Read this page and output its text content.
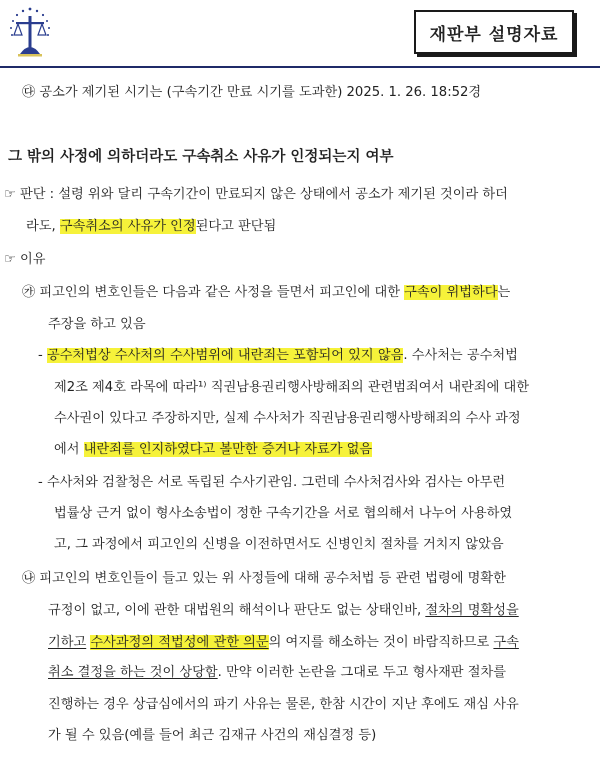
재판부 설명자료
㉰ 공소가 제기된 시기는 (구속기간 만료 시기를 도과한) 2025. 1. 26. 18:52경
그 밖의 사정에 의하더라도 구속취소 사유가 인정되는지 여부
☞ 판단 : 설령 위와 달리 구속기간이 만료되지 않은 상태에서 공소가 제기된 것이라 하더
라도, 구속취소의 사유가 인정된다고 판단됨
☞ 이유
㉮ 피고인의 변호인들은 다음과 같은 사정을 들면서 피고인에 대한 구속이 위법하다는
주장을 하고 있음
- 공수처법상 수사처의 수사범위에 내란죄는 포함되어 있지 않음. 수사처는 공수처법
제2조 제4호 라목에 따라¹⁾ 직권남용권리행사방해죄의 관련범죄여서 내란죄에 대한
수사권이 있다고 주장하지만, 실제 수사처가 직권남용권리행사방해죄의 수사 과정
에서 내란죄를 인지하였다고 볼만한 증거나 자료가 없음
- 수사처와 검찰청은 서로 독립된 수사기관임. 그런데 수사처검사와 검사는 아무런
법률상 근거 없이 형사소송법이 정한 구속기간을 서로 협의해서 나누어 사용하였
고, 그 과정에서 피고인의 신병을 이전하면서도 신병인치 절차를 거치지 않았음
㉯ 피고인의 변호인들이 들고 있는 위 사정들에 대해 공수처법 등 관련 법령에 명확한
규정이 없고, 이에 관한 대법원의 해석이나 판단도 없는 상태인바, 절차의 명확성을
기하고 수사과정의 적법성에 관한 의문의 여지를 해소하는 것이 바람직하므로 구속
취소 결정을 하는 것이 상당함. 만약 이러한 논란을 그대로 두고 형사재판 절차를
진행하는 경우 상급심에서의 파기 사유는 물론, 한참 시간이 지난 후에도 재심 사유
가 될 수 있음(예를 들어 최근 김재규 사건의 재심결정 등)
